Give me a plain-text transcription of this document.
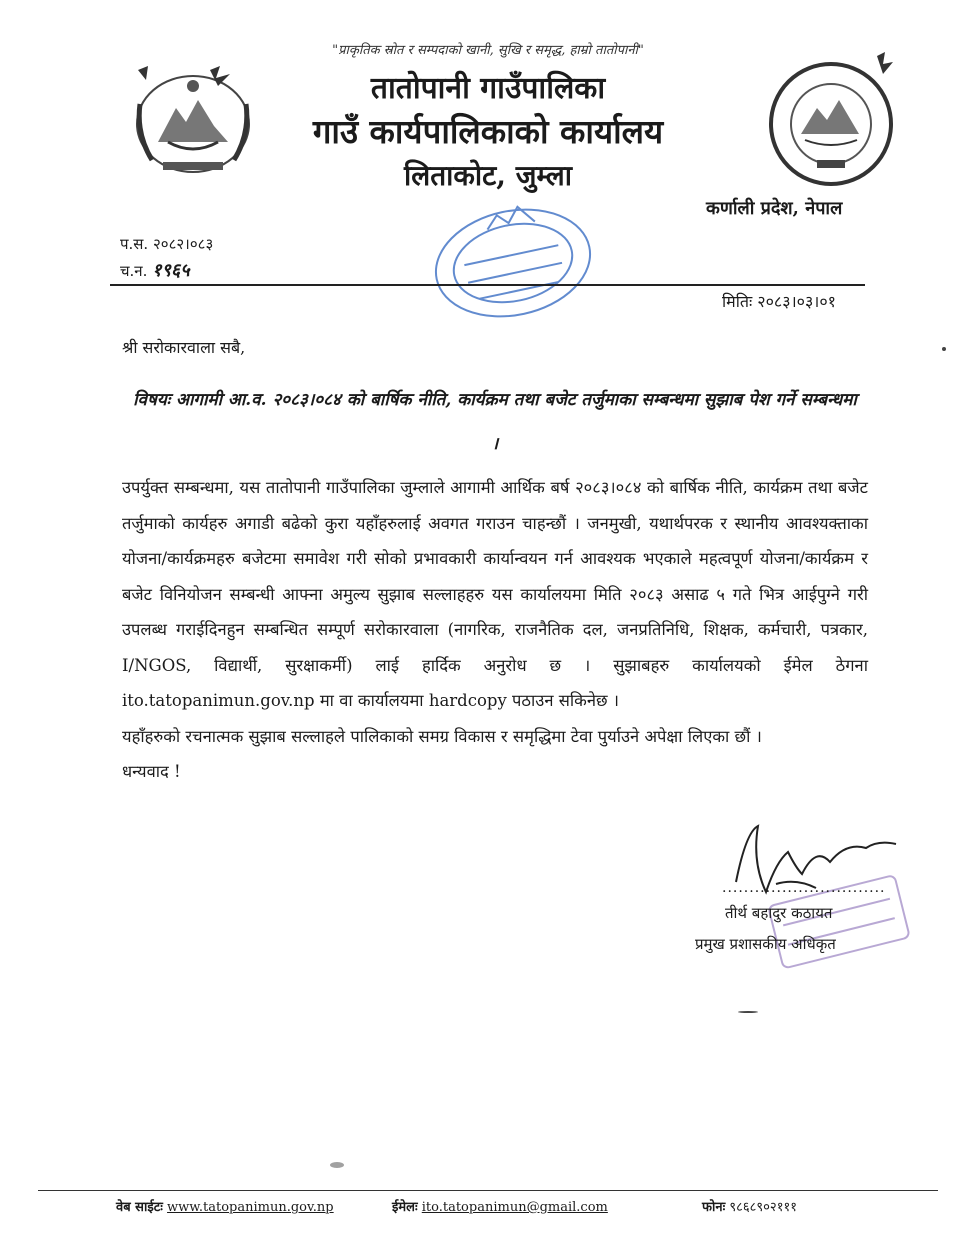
"प्राकृतिक स्रोत र सम्पदाको खानी, सुखि र समृद्ध, हाम्रो तातोपानी"
तातोपानी गाउँपालिका
गाउँ कार्यपालिकाको कार्यालय
लिताकोट, जुम्ला
कर्णाली प्रदेश, नेपाल
प.स. २०८२।०८३
च.न. १९६५
मितिः २०८३।०३।०१
श्री सरोकारवाला सबै,
विषयः आगामी आ.व. २०८३।०८४ को बार्षिक नीति, कार्यक्रम तथा बजेट तर्जुमाका सम्बन्धमा सुझाब पेश गर्ने सम्बन्धमा ।

उपर्युक्त सम्बन्धमा, यस तातोपानी गाउँपालिका जुम्लाले आगामी आर्थिक बर्ष २०८३।०८४ को बार्षिक नीति, कार्यक्रम तथा बजेट तर्जुमाको कार्यहरु अगाडी बढेको कुरा यहाँहरुलाई अवगत गराउन चाहन्छौं । जनमुखी, यथार्थपरक र स्थानीय आवश्यक्ताका योजना/कार्यक्रमहरु बजेटमा समावेश गरी सोको प्रभावकारी कार्यान्वयन गर्न आवश्यक भएकाले महत्वपूर्ण योजना/कार्यक्रम र बजेट विनियोजन सम्बन्धी आफ्ना अमुल्य सुझाब सल्लाहहरु यस कार्यालयमा मिति २०८३ असाढ ५ गते भित्र आईपुग्ने गरी उपलब्ध गराईदिनहुन सम्बन्धित सम्पूर्ण सरोकारवाला (नागरिक, राजनैतिक दल, जनप्रतिनिधि, शिक्षक, कर्मचारी, पत्रकार, I/NGOS, विद्यार्थी, सुरक्षाकर्मी) लाई हार्दिक अनुरोध छ । सुझाबहरु कार्यालयको ईमेल ठेगना ito.tatopanimun.gov.np मा वा कार्यालयमा hardcopy पठाउन सकिनेछ ।

यहाँहरुको रचनात्मक सुझाब सल्लाहले पालिकाको समग्र विकास र समृद्धिमा टेवा पुर्याउने अपेक्षा लिएका छौं ।

धन्यवाद !

..............................
तीर्थ बहादुर कठायत
प्रमुख प्रशासकीय अधिकृत
वेब साईटः www.tatopanimun.gov.np	ईमेलः ito.tatopanimun@gmail.com	फोनः ९८६८९०२१११
